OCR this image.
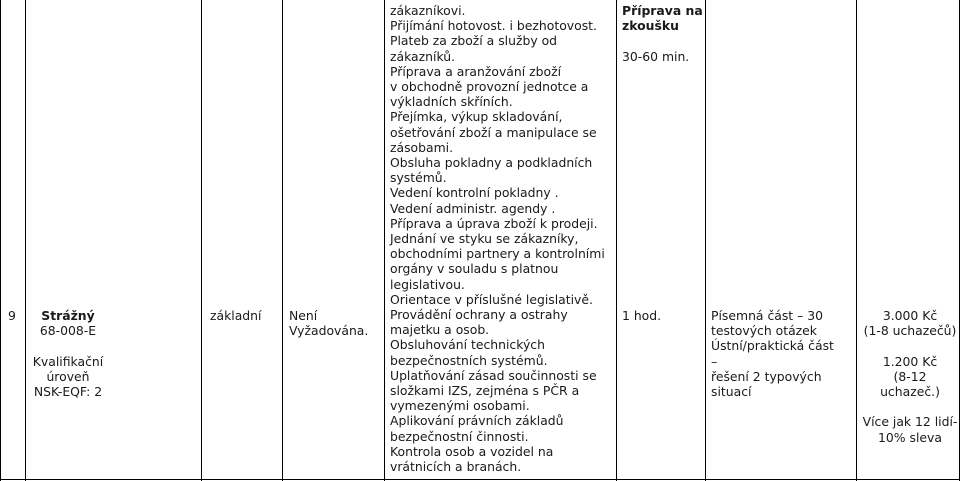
9	Strážný
68-008-E
Kvalifikační úroveň
NSK-EQF: 2
základní Není
Vyžadována.
zákazníkovi.
Přijímání hotovost. i bezhotovost.
Plateb za zboží a služby od
zákazníků.
Příprava a aranžování zboží
v obchodně provozní jednotce a
výkladních skříních.
Přejímka, výkup skladování,
ošetřování zboží a manipulace se
zásobami.
Obsluha pokladny a podkladních
systémů.
Vedení kontrolní pokladny .
Vedení administr. agendy .
Příprava a úprava zboží k prodeji.
Jednání ve styku se zákazníky,
obchodními partnery a kontrolními
orgány v souladu s platnou
legislativou.
Orientace v příslušné legislativě.
Provádění ochrany a ostrahy
majetku a osob.
Obsluhování technických
bezpečnostních systémů.
Uplatňování zásad součinnosti se
složkami IZS, zejména s PČR a
vymezenými osobami.
Aplikování právních základů
bezpečnostní činnosti.
Kontrola osob a vozidel na
vrátnicích a branách.
Příprava na
zkoušku
30-60 min.
1 hod.	Písemná část – 30
testových otázek
Ústní/praktická část –
řešení 2 typových
situací
3.000 Kč
(1-8 uchazečů)
1.200 Kč
(8-12 uchazeč.)
Více jak 12 lidí-
10% sleva
